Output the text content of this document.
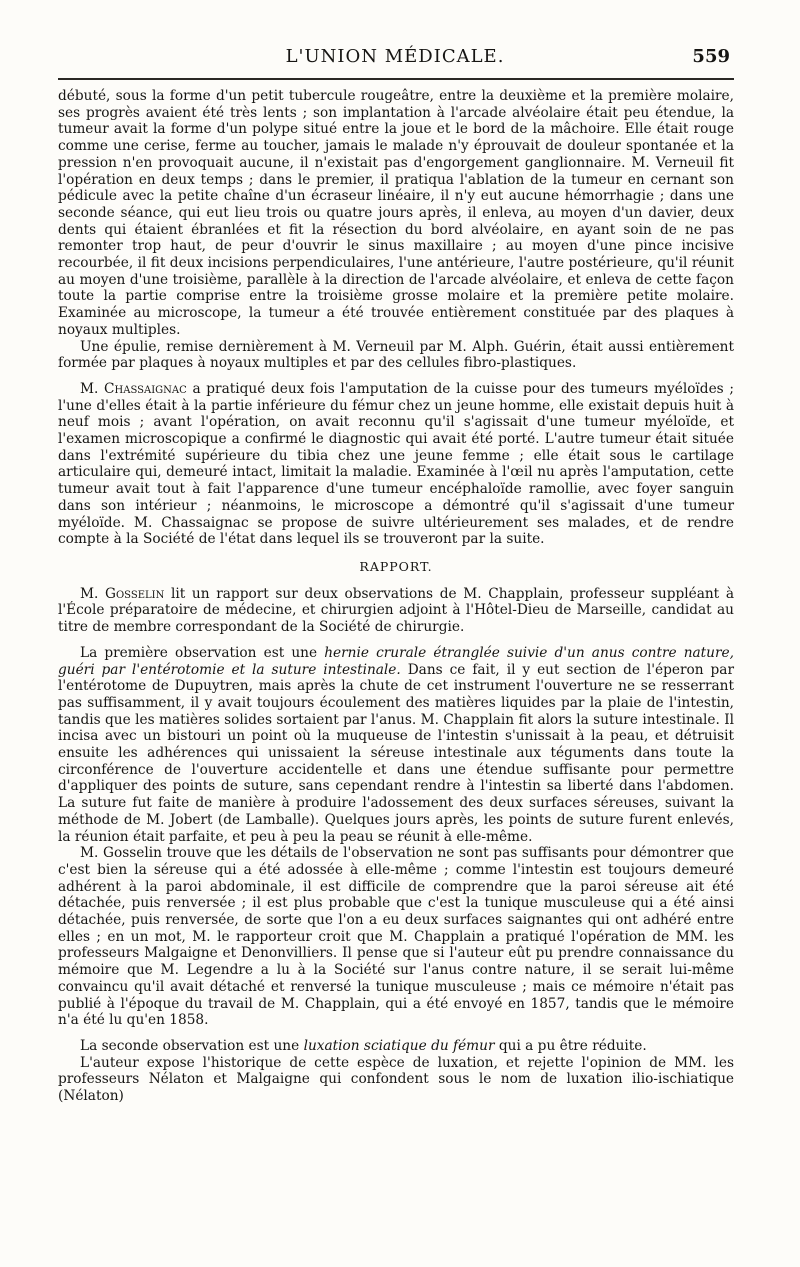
L'UNION MÉDICALE.	559

débuté, sous la forme d'un petit tubercule rougeâtre, entre la deuxième et la première molaire, ses progrès avaient été très lents ; son implantation à l'arcade alvéolaire était peu étendue, la tumeur avait la forme d'un polype situé entre la joue et le bord de la mâchoire. Elle était rouge comme une cerise, ferme au toucher, jamais le malade n'y éprouvait de douleur spontanée et la pression n'en provoquait aucune, il n'existait pas d'engorgement ganglionnaire. M. Verneuil fit l'opération en deux temps ; dans le premier, il pratiqua l'ablation de la tumeur en cernant son pédicule avec la petite chaîne d'un écraseur linéaire, il n'y eut aucune hémorrhagie ; dans une seconde séance, qui eut lieu trois ou quatre jours après, il enleva, au moyen d'un davier, deux dents qui étaient ébranlées et fit la résection du bord alvéolaire, en ayant soin de ne pas remonter trop haut, de peur d'ouvrir le sinus maxillaire ; au moyen d'une pince incisive recourbée, il fit deux incisions perpendiculaires, l'une antérieure, l'autre postérieure, qu'il réunit au moyen d'une troisième, parallèle à la direction de l'arcade alvéolaire, et enleva de cette façon toute la partie comprise entre la troisième grosse molaire et la première petite molaire. Examinée au microscope, la tumeur a été trouvée entièrement constituée par des plaques à noyaux multiples.

Une épulie, remise dernièrement à M. Verneuil par M. Alph. Guérin, était aussi entièrement formée par plaques à noyaux multiples et par des cellules fibro-plastiques.

M. Chassaignac a pratiqué deux fois l'amputation de la cuisse pour des tumeurs myéloïdes ; l'une d'elles était à la partie inférieure du fémur chez un jeune homme, elle existait depuis huit à neuf mois ; avant l'opération, on avait reconnu qu'il s'agissait d'une tumeur myéloïde, et l'examen microscopique a confirmé le diagnostic qui avait été porté. L'autre tumeur était située dans l'extrémité supérieure du tibia chez une jeune femme ; elle était sous le cartilage articulaire qui, demeuré intact, limitait la maladie. Examinée à l'œil nu après l'amputation, cette tumeur avait tout à fait l'apparence d'une tumeur encéphaloïde ramollie, avec foyer sanguin dans son intérieur ; néanmoins, le microscope a démontré qu'il s'agissait d'une tumeur myéloïde. M. Chassaignac se propose de suivre ultérieurement ses malades, et de rendre compte à la Société de l'état dans lequel ils se trouveront par la suite.

RAPPORT.

M. Gosselin lit un rapport sur deux observations de M. Chapplain, professeur suppléant à l'École préparatoire de médecine, et chirurgien adjoint à l'Hôtel-Dieu de Marseille, candidat au titre de membre correspondant de la Société de chirurgie.

La première observation est une hernie crurale étranglée suivie d'un anus contre nature, guéri par l'entérotomie et la suture intestinale. Dans ce fait, il y eut section de l'éperon par l'entérotome de Dupuytren, mais après la chute de cet instrument l'ouverture ne se resserrant pas suffisamment, il y avait toujours écoulement des matières liquides par la plaie de l'intestin, tandis que les matières solides sortaient par l'anus. M. Chapplain fit alors la suture intestinale. Il incisa avec un bistouri un point où la muqueuse de l'intestin s'unissait à la peau, et détruisit ensuite les adhérences qui unissaient la séreuse intestinale aux téguments dans toute la circonférence de l'ouverture accidentelle et dans une étendue suffisante pour permettre d'appliquer des points de suture, sans cependant rendre à l'intestin sa liberté dans l'abdomen. La suture fut faite de manière à produire l'adossement des deux surfaces séreuses, suivant la méthode de M. Jobert (de Lamballe). Quelques jours après, les points de suture furent enlevés, la réunion était parfaite, et peu à peu la peau se réunit à elle-même.

M. Gosselin trouve que les détails de l'observation ne sont pas suffisants pour démontrer que c'est bien la séreuse qui a été adossée à elle-même ; comme l'intestin est toujours demeuré adhérent à la paroi abdominale, il est difficile de comprendre que la paroi séreuse ait été détachée, puis renversée ; il est plus probable que c'est la tunique musculeuse qui a été ainsi détachée, puis renversée, de sorte que l'on a eu deux surfaces saignantes qui ont adhéré entre elles ; en un mot, M. le rapporteur croit que M. Chapplain a pratiqué l'opération de MM. les professeurs Malgaigne et Denonvilliers. Il pense que si l'auteur eût pu prendre connaissance du mémoire que M. Legendre a lu à la Société sur l'anus contre nature, il se serait lui-même convaincu qu'il avait détaché et renversé la tunique musculeuse ; mais ce mémoire n'était pas publié à l'époque du travail de M. Chapplain, qui a été envoyé en 1857, tandis que le mémoire n'a été lu qu'en 1858.

La seconde observation est une luxation sciatique du fémur qui a pu être réduite.

L'auteur expose l'historique de cette espèce de luxation, et rejette l'opinion de MM. les professeurs Nélaton et Malgaigne qui confondent sous le nom de luxation ilio-ischiatique (Nélaton)
